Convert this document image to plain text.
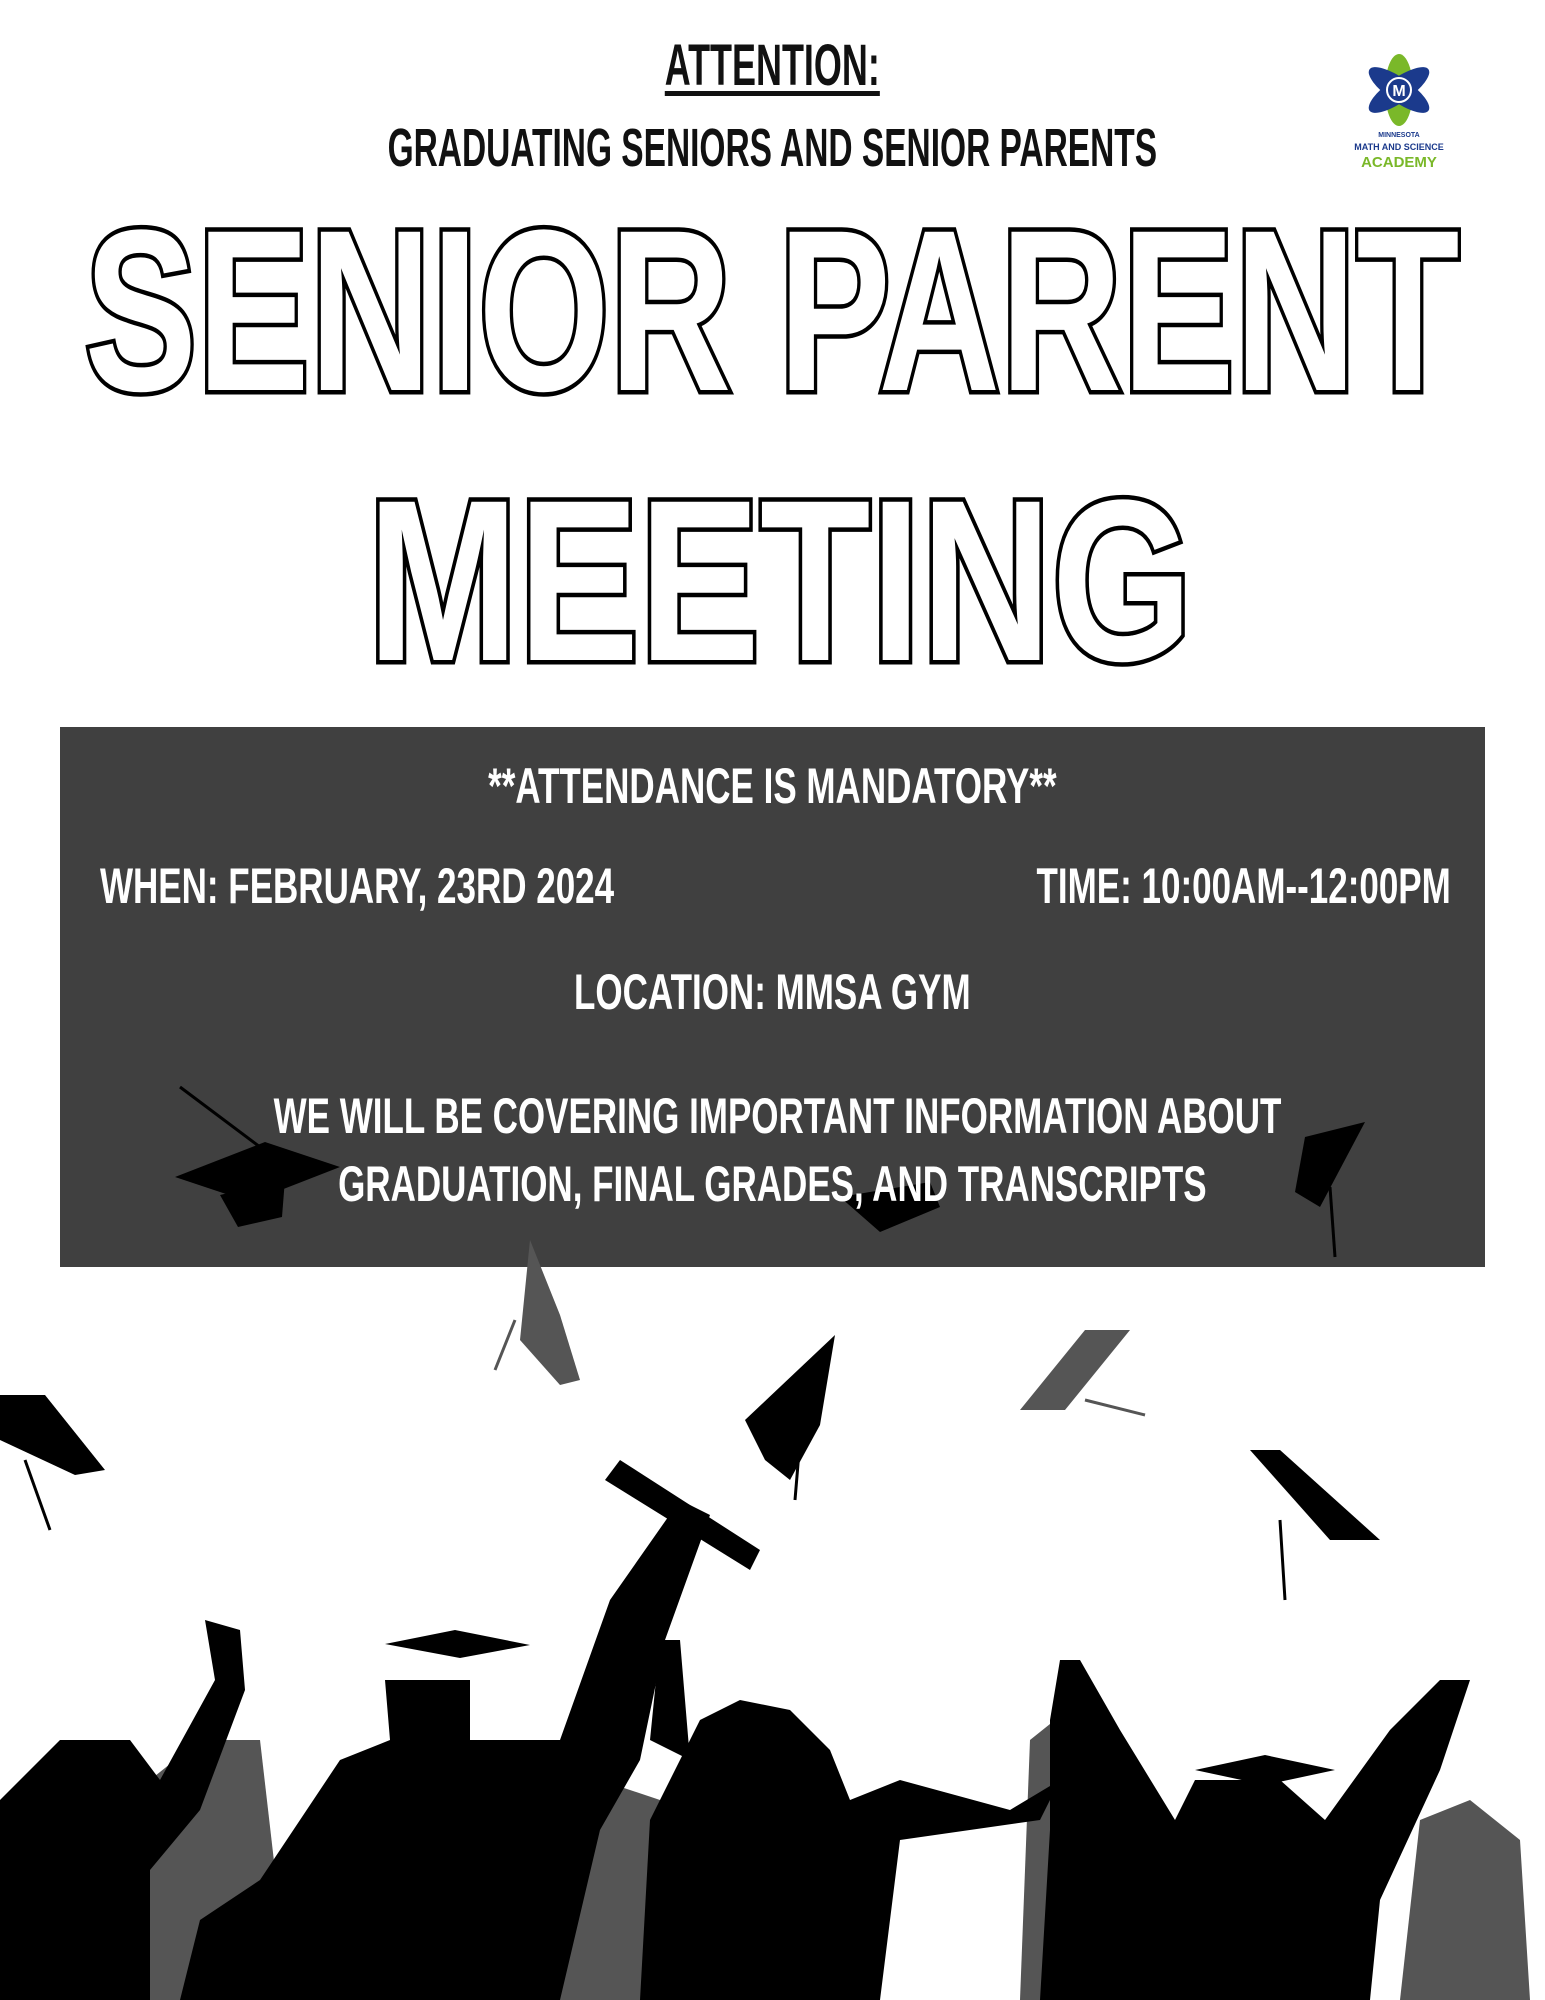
ATTENTION:
GRADUATING SENIORS AND SENIOR PARENTS
M
MINNESOTA
MATH AND SCIENCE
ACADEMY
SENIOR PARENT
MEETING
**ATTENDANCE IS MANDATORY**
WHEN: FEBRUARY, 23RD 2024	TIME: 10:00AM--12:00PM
LOCATION: MMSA GYM
WE WILL BE COVERING IMPORTANT INFORMATION ABOUT
GRADUATION, FINAL GRADES, AND TRANSCRIPTS
